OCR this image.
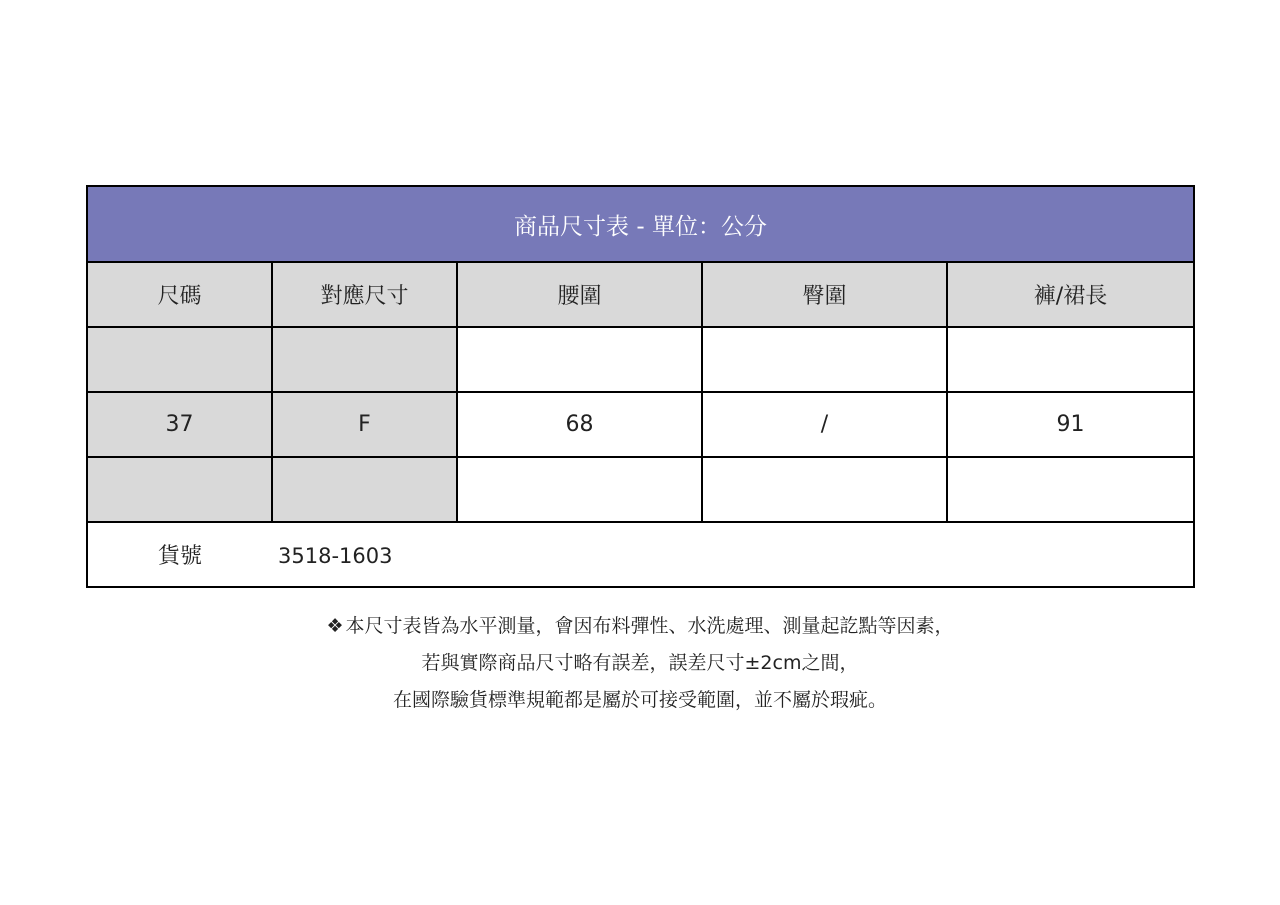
商品尺寸表 - 單位：公分				
尺碼	對應尺寸	腰圍	臀圍	褲/裙長

37	F	68	/	91

貨號 3518-1603				
❖ 本尺寸表皆為水平測量，會因布料彈性、水洗處理、測量起訖點等因素，
若與實際商品尺寸略有誤差，誤差尺寸±2cm之間，
在國際驗貨標準規範都是屬於可接受範圍，並不屬於瑕疵。
